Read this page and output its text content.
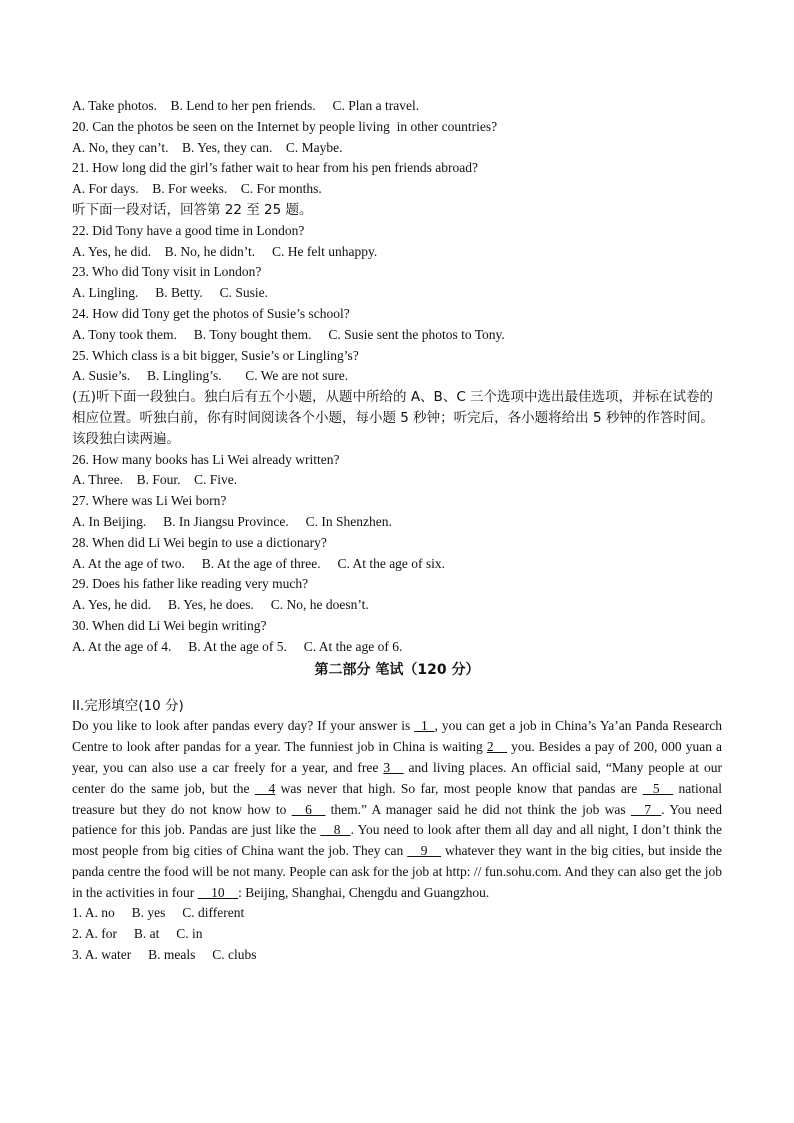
A. Take photos.    B. Lend to her pen friends.     C. Plan a travel.
20. Can the photos be seen on the Internet by people living  in other countries?
A. No, they can’t.    B. Yes, they can.    C. Maybe.
21. How long did the girl’s father wait to hear from his pen friends abroad?
A. For days.    B. For weeks.    C. For months.
听下面一段对话，回答第 22 至 25 题。
22. Did Tony have a good time in London?
A. Yes, he did.    B. No, he didn’t.     C. He felt unhappy.
23. Who did Tony visit in London?
A. Lingling.     B. Betty.     C. Susie.
24. How did Tony get the photos of Susie’s school?
A. Tony took them.     B. Tony bought them.     C. Susie sent the photos to Tony.
25. Which class is a bit bigger, Susie’s or Lingling’s?
A. Susie’s.     B. Lingling’s.       C. We are not sure.
(五)听下面一段独白。独白后有五个小题，从题中所给的 A、B、C 三个选项中选出最佳选项，并标在试卷的相应位置。听独白前，你有时间阅读各个小题，每小题 5 秒钟；听完后，各小题将给出 5 秒钟的作答时间。该段独白读两遍。
26. How many books has Li Wei already written?
A. Three.    B. Four.    C. Five.
27. Where was Li Wei born?
A. In Beijing.     B. In Jiangsu Province.     C. In Shenzhen.
28. When did Li Wei begin to use a dictionary?
A. At the age of two.     B. At the age of three.     C. At the age of six.
29. Does his father like reading very much?
A. Yes, he did.     B. Yes, he does.     C. No, he doesn’t.
30. When did Li Wei begin writing?
A. At the age of 4.     B. At the age of 5.     C. At the age of 6.
第二部分 笔试（120 分）
II.完形填空(10 分)
Do you like to look after pandas every day? If your answer is   1  , you can get a job in China’s Ya’an Panda Research Centre to look after pandas for a year. The funniest job in China is waiting 2     you. Besides a pay of 200, 000 yuan a year, you can also use a car freely for a year, and free 3     and living places. An official said, “Many people at our center do the same job, but the     4 was never that high. So far, most people know that pandas are    5     national treasure but they do not know how to     6     them.” A manager said he did not think the job was     7   . You need patience for this job. Pandas are just like the     8   . You need to look after them all day and all night, I don’t think the most people from big cities of China want the job. They can     9     whatever they want in the big cities, but inside the panda centre the food will be not many. People can ask for the job at http: // fun.sohu.com. And they can also get the job in the activities in four     10    : Beijing, Shanghai, Chengdu and Guangzhou.
1. A. no     B. yes     C. different
2. A. for     B. at     C. in
3. A. water     B. meals     C. clubs
